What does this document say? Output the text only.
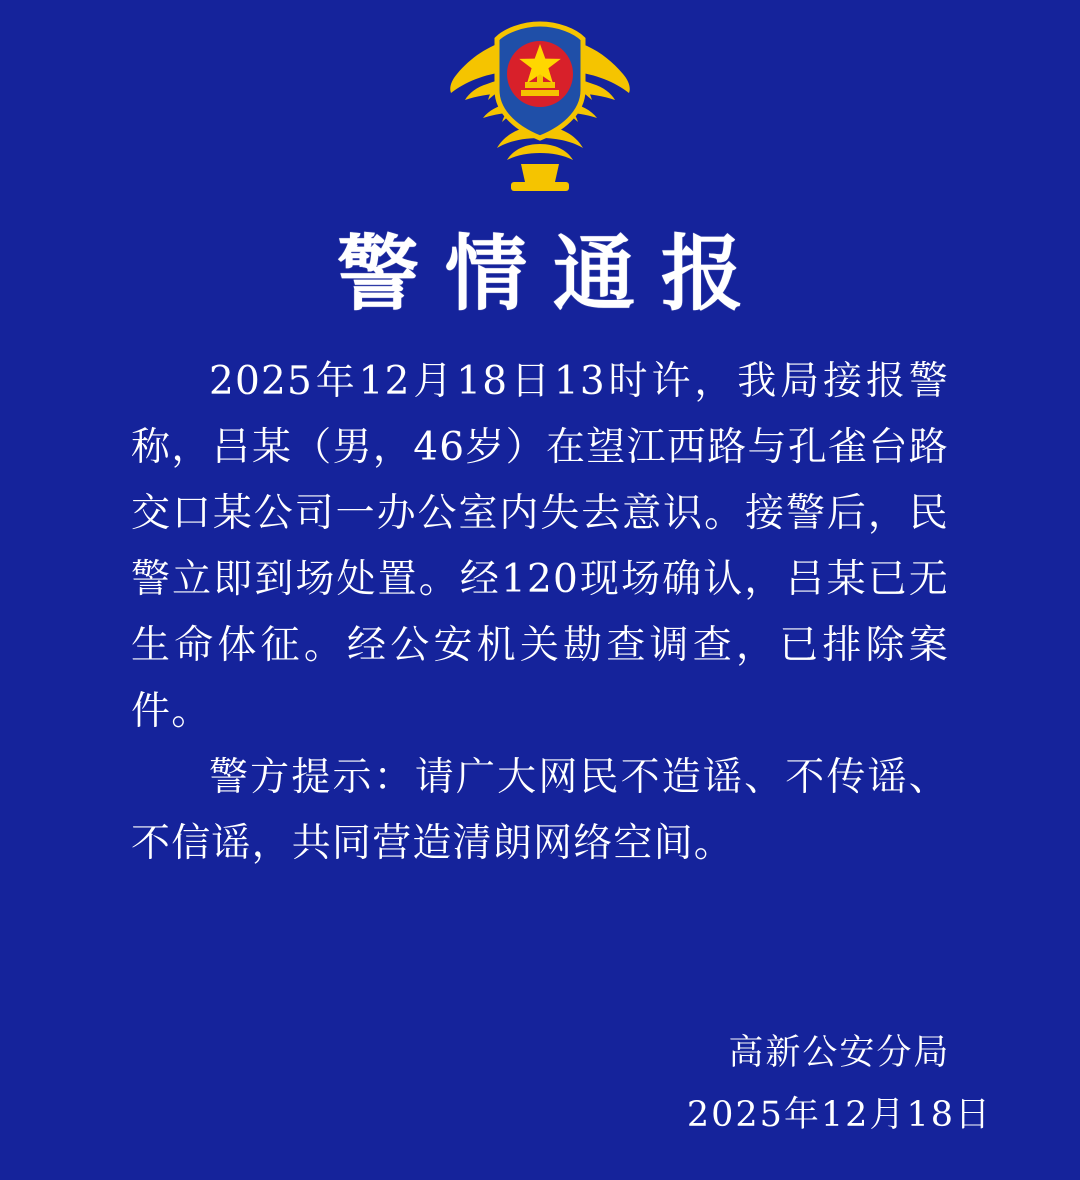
警情通报

2025年12月18日13时许，我局接报警称，吕某（男，46岁）在望江西路与孔雀台路交口某公司一办公室内失去意识。接警后，民警立即到场处置。经120现场确认，吕某已无生命体征。经公安机关勘查调查，已排除案件。

警方提示：请广大网民不造谣、不传谣、不信谣，共同营造清朗网络空间。

高新公安分局
2025年12月18日
